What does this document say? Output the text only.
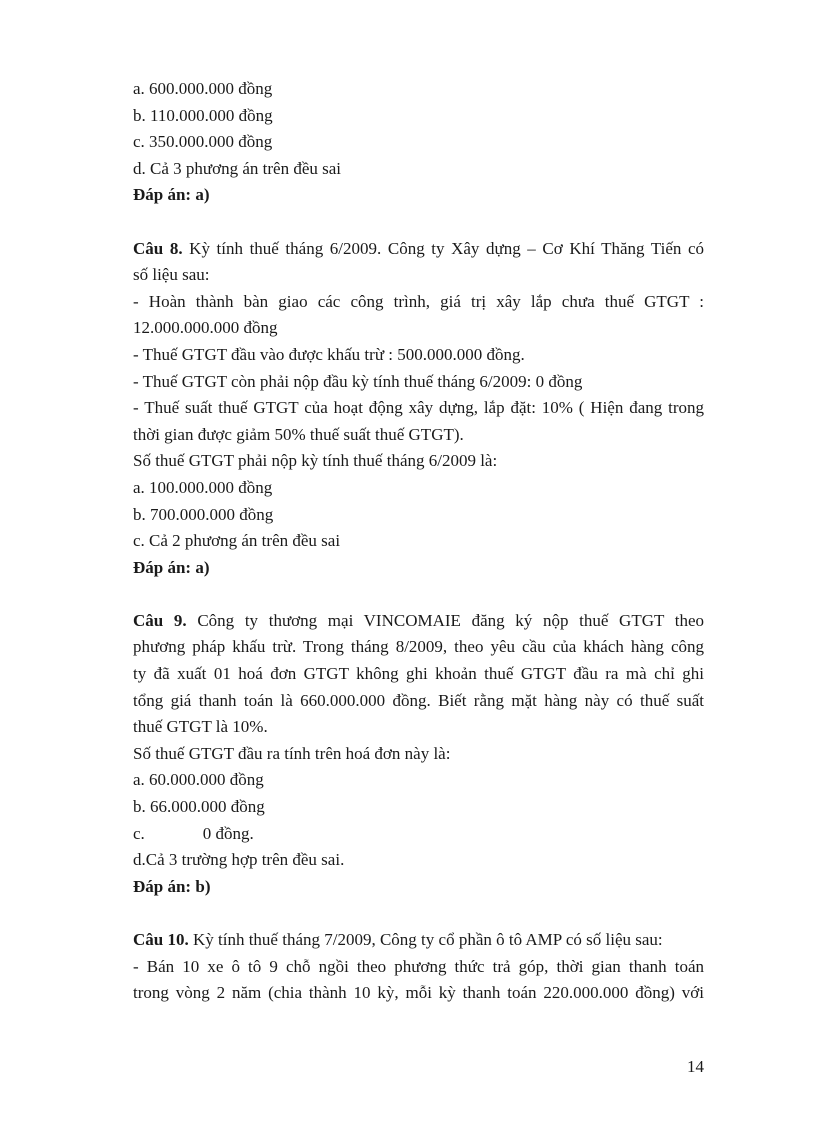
a. 600.000.000 đồng
b. 110.000.000 đồng
c. 350.000.000 đồng
d. Cả 3 phương án trên đều sai
Đáp án: a)
Câu 8. Kỳ tính thuế tháng 6/2009. Công ty Xây dựng – Cơ Khí Thăng Tiến có
số liệu sau:
- Hoàn thành bàn giao các công trình, giá trị xây lắp chưa thuế GTGT :
12.000.000.000 đồng
- Thuế GTGT đầu vào được khấu trừ : 500.000.000 đồng.
- Thuế GTGT còn phải nộp đầu kỳ tính thuế tháng 6/2009: 0 đồng
- Thuế suất thuế GTGT của hoạt động xây dựng, lắp đặt: 10% ( Hiện đang trong
thời gian được giảm 50% thuế suất thuế GTGT).
Số thuế GTGT phải nộp kỳ tính thuế tháng 6/2009 là:
a. 100.000.000 đồng
b. 700.000.000 đồng
c. Cả 2 phương án trên đều sai
Đáp án: a)
Câu 9. Công ty thương mại VINCOMAIE đăng ký nộp thuế GTGT theo
phương pháp khấu trừ. Trong tháng 8/2009, theo yêu cầu của khách hàng công
ty đã xuất 01 hoá đơn GTGT không ghi khoản thuế GTGT đầu ra mà chỉ ghi
tổng giá thanh toán là 660.000.000 đồng. Biết rằng mặt hàng này có thuế suất
thuế GTGT là 10%.
Số thuế GTGT đầu ra tính trên hoá đơn này là:
a. 60.000.000 đồng
b. 66.000.000 đồng
c.	0 đồng.
d.Cả 3 trường hợp trên đều sai.
Đáp án: b)
Câu 10. Kỳ tính thuế tháng 7/2009, Công ty cổ phần ô tô AMP có số liệu sau:
- Bán 10 xe ô tô 9 chỗ ngồi theo phương thức trả góp, thời gian thanh toán
trong vòng 2 năm (chia thành 10 kỳ, mỗi kỳ thanh toán 220.000.000 đồng) với
14
